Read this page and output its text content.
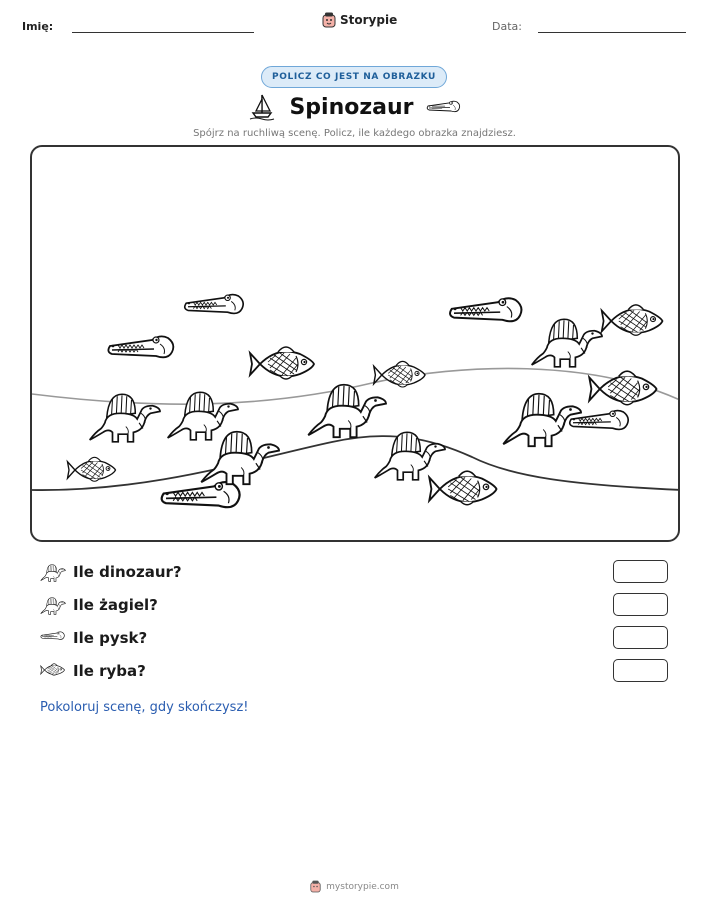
Imię:	Storypie	Data:
POLICZ CO JEST NA OBRAZKU
Spinozaur
Spójrz na ruchliwą scenę. Policz, ile każdego obrazka znajdziesz.
Ile dinozaur?
Ile żagiel?
Ile pysk?
Ile ryba?
Pokoloruj scenę, gdy skończysz!
mystorypie.com
